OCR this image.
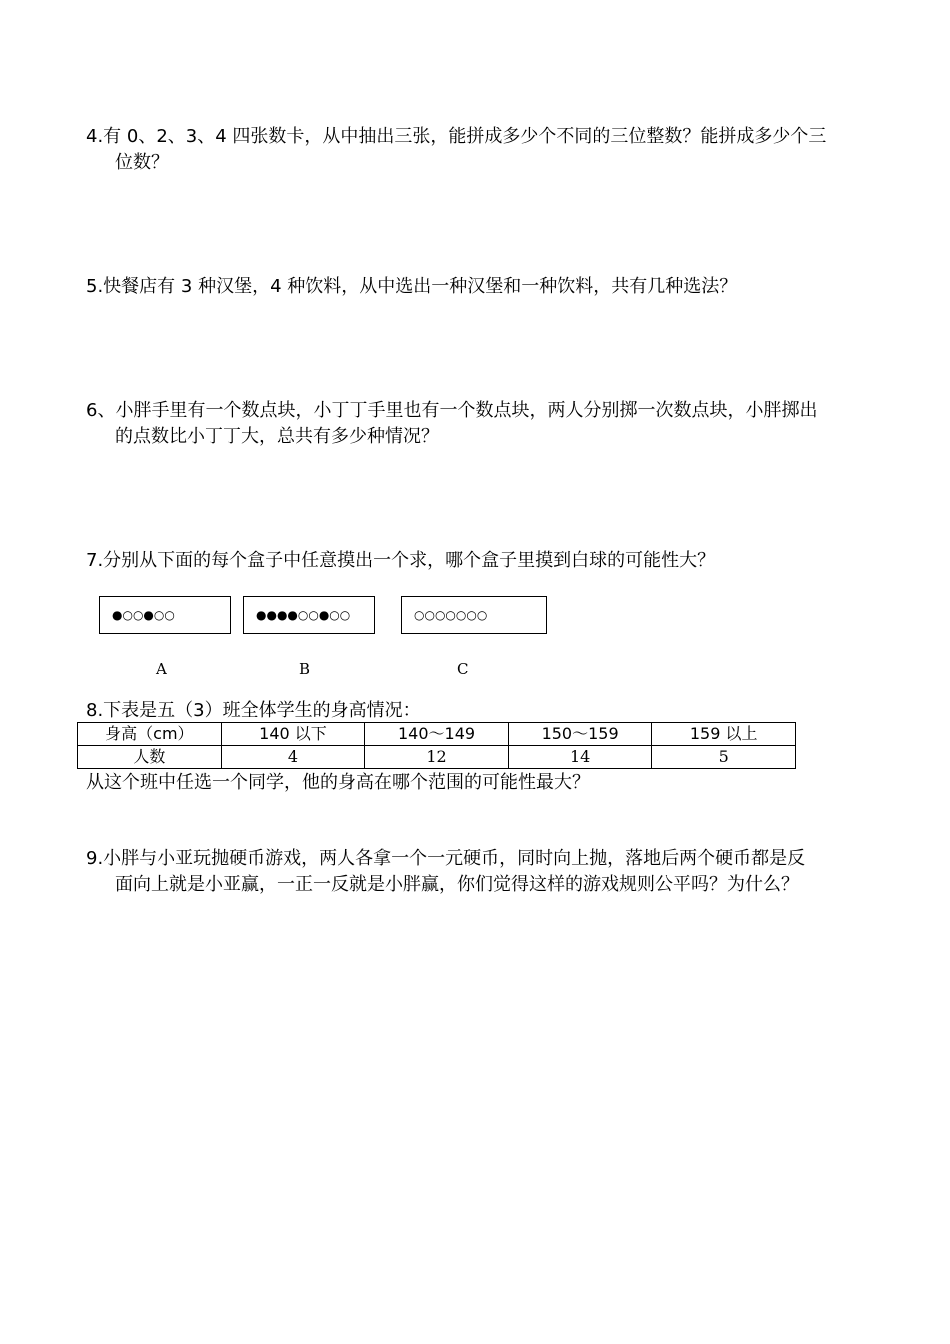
4.有 0、2、3、4 四张数卡，从中抽出三张，能拼成多少个不同的三位整数？能拼成多少个三
位数？
5.快餐店有 3 种汉堡，4 种饮料，从中选出一种汉堡和一种饮料，共有几种选法？
6、小胖手里有一个数点块，小丁丁手里也有一个数点块，两人分别掷一次数点块，小胖掷出
的点数比小丁丁大，总共有多少种情况？
7.分别从下面的每个盒子中任意摸出一个求，哪个盒子里摸到白球的可能性大？
●○○●○○	●●●●○○●○○	○○○○○○○
A	B	C
8.下表是五（3）班全体学生的身高情况：
身高（cm）	140 以下	140～149	150～159	159 以上
人数	4	12	14	5
从这个班中任选一个同学，他的身高在哪个范围的可能性最大？
9.小胖与小亚玩抛硬币游戏，两人各拿一个一元硬币，同时向上抛，落地后两个硬币都是反
面向上就是小亚赢，一正一反就是小胖赢，你们觉得这样的游戏规则公平吗？为什么？
